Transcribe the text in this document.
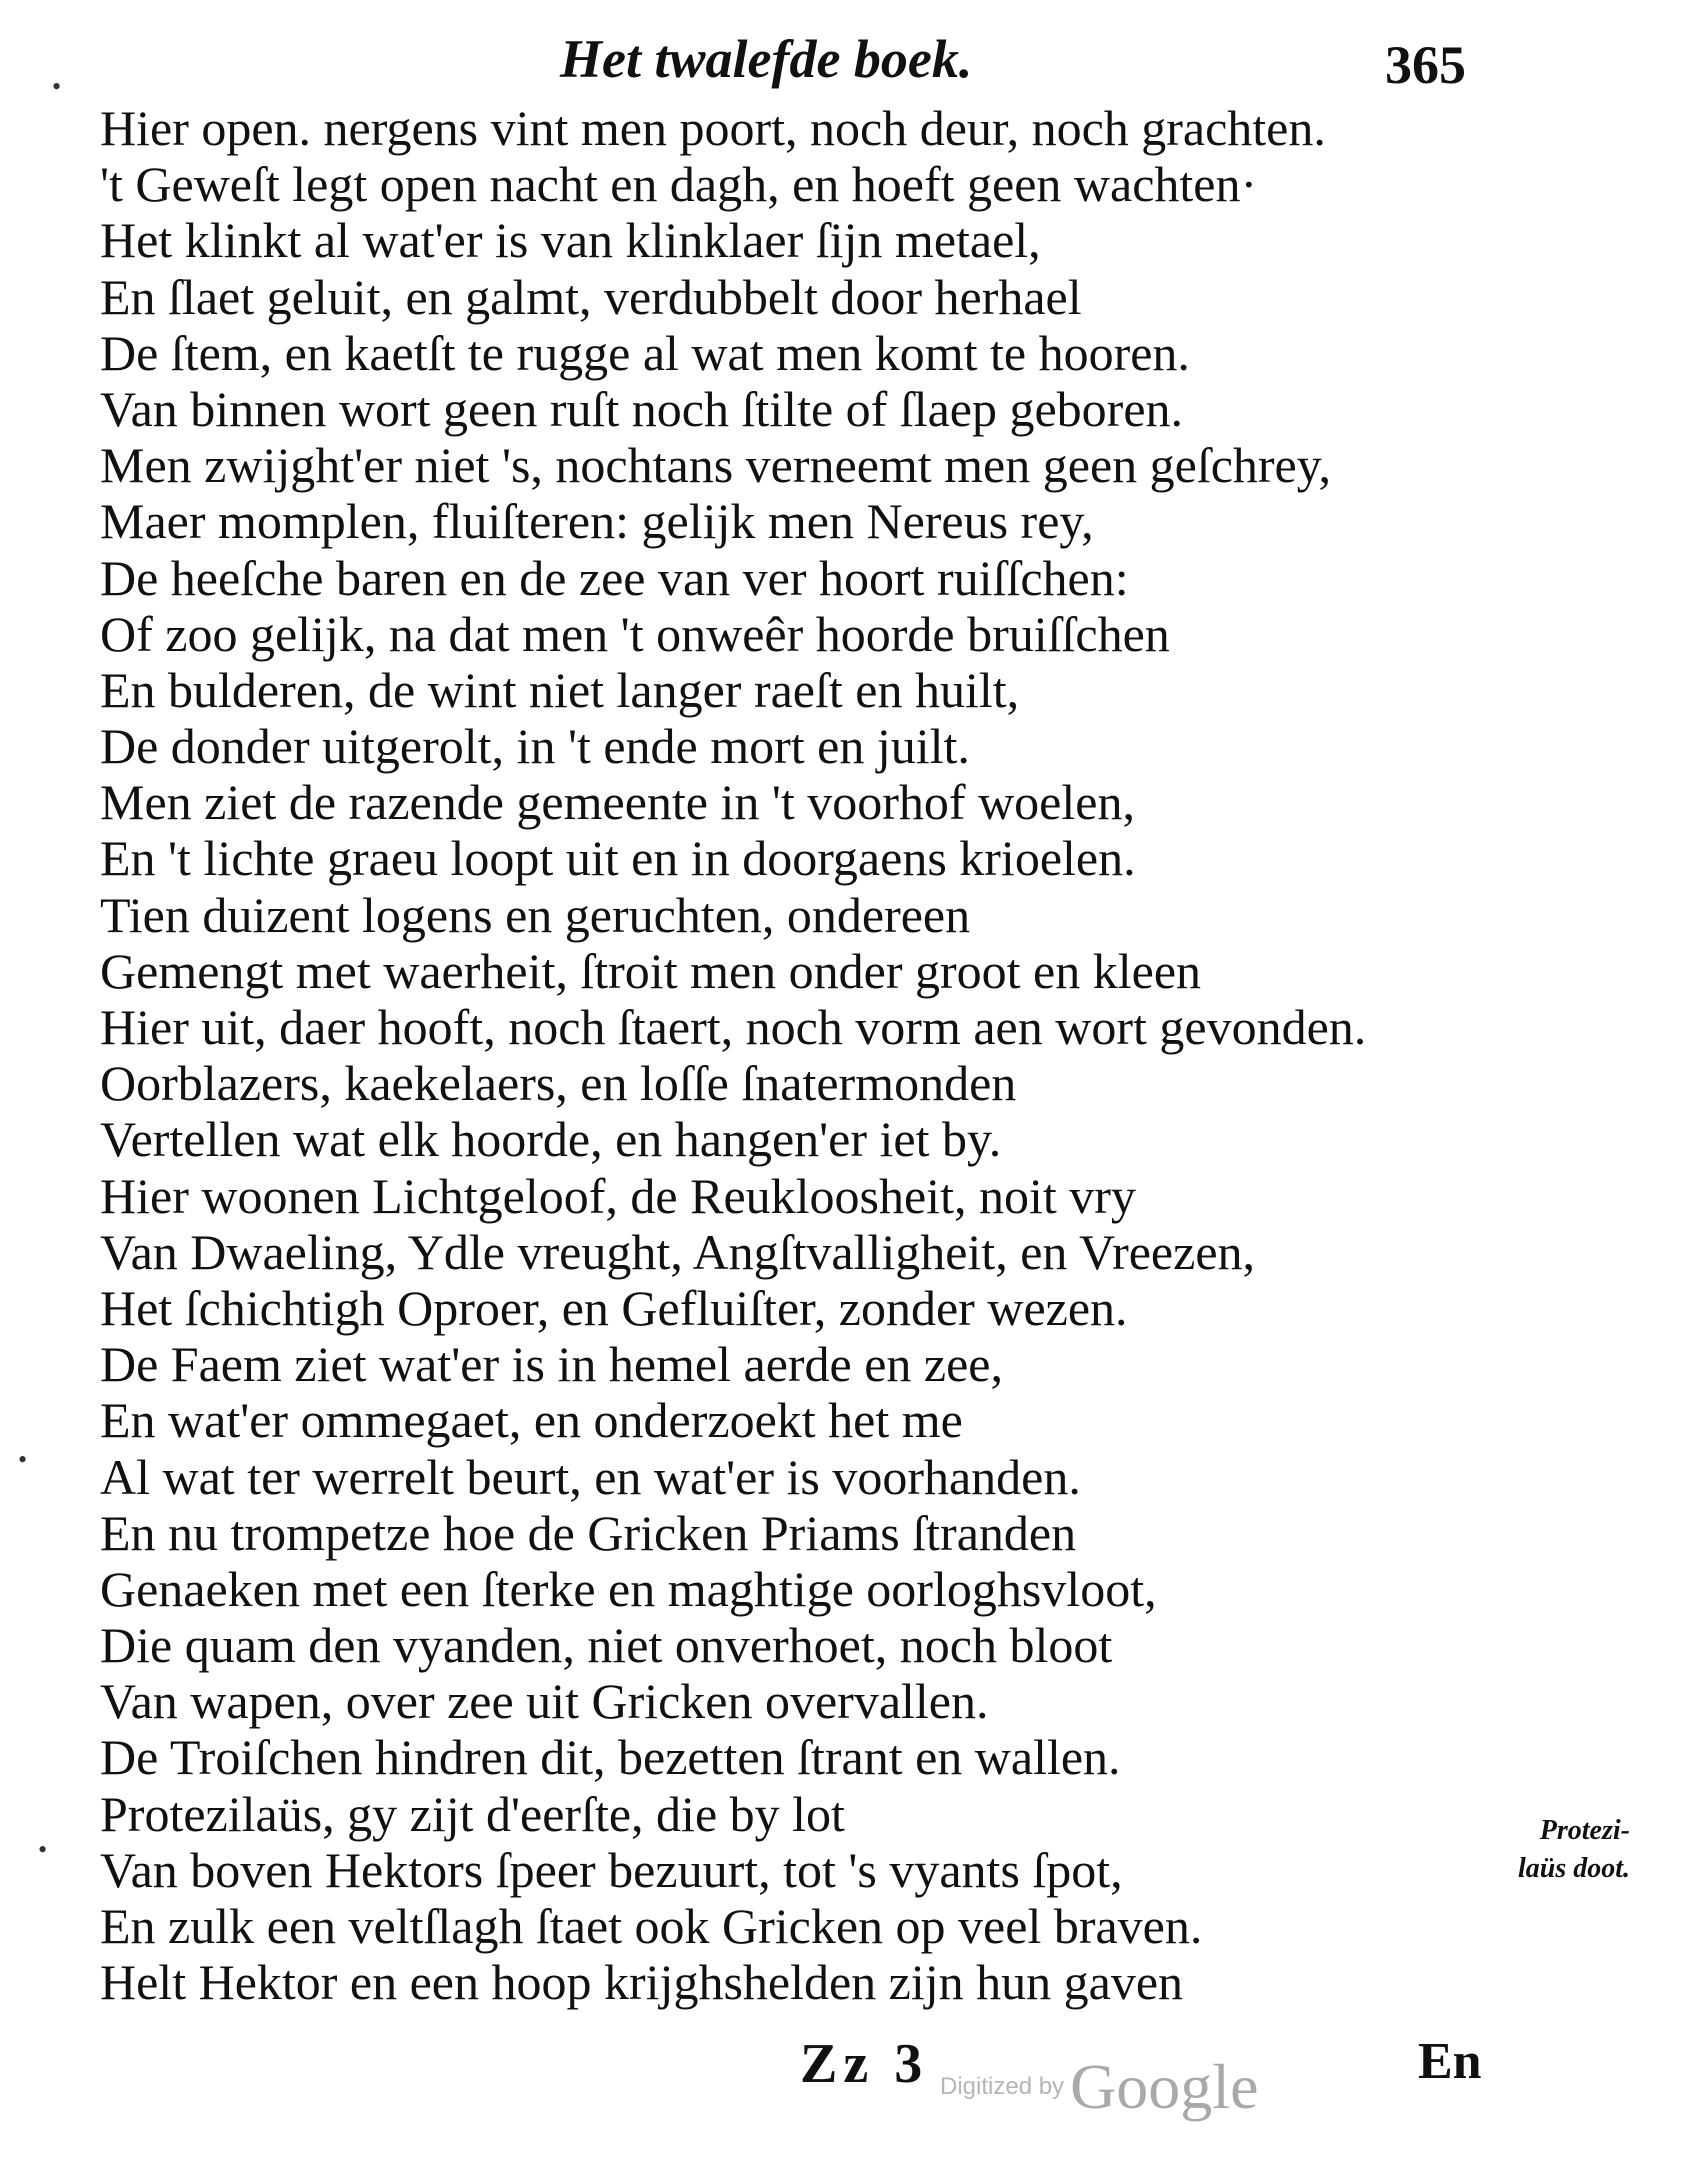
Het twalefde boek.	365
Hier open. nergens vint men poort, noch deur, noch grachten.
't Geweſt legt open nacht en dagh, en hoeft geen wachten·
Het klinkt al wat'er is van klinklaer ſijn metael,
En ſlaet geluit, en galmt, verdubbelt door herhael
De ſtem, en kaetſt te rugge al wat men komt te hooren.
Van binnen wort geen ruſt noch ſtilte of ſlaep geboren.
Men zwijght'er niet 's, nochtans verneemt men geen geſchrey,
Maer momplen, fluiſteren: gelijk men Nereus rey,
De heeſche baren en de zee van ver hoort ruiſſchen:
Of zoo gelijk, na dat men 't onweêr hoorde bruiſſchen
En bulderen, de wint niet langer raeſt en huilt,
De donder uitgerolt, in 't ende mort en juilt.
Men ziet de razende gemeente in 't voorhof woelen,
En 't lichte graeu loopt uit en in doorgaens krioelen.
Tien duizent logens en geruchten, ondereen
Gemengt met waerheit, ſtroit men onder groot en kleen
Hier uit, daer hooft, noch ſtaert, noch vorm aen wort gevonden.
Oorblazers, kaekelaers, en loſſe ſnatermonden
Vertellen wat elk hoorde, en hangen'er iet by.
Hier woonen Lichtgeloof, de Reukloosheit, noit vry
Van Dwaeling, Ydle vreught, Angſtvalligheit, en Vreezen,
Het ſchichtigh Oproer, en Gefluiſter, zonder wezen.
De Faem ziet wat'er is in hemel aerde en zee,
En wat'er ommegaet, en onderzoekt het me
Al wat ter werrelt beurt, en wat'er is voorhanden.
En nu trompetze hoe de Gricken Priams ſtranden
Genaeken met een ſterke en maghtige oorloghsvloot,
Die quam den vyanden, niet onverhoet, noch bloot
Van wapen, over zee uit Gricken overvallen.
De Troiſchen hindren dit, bezetten ſtrant en wallen.
Protezilaüs, gy zijt d'eerſte, die by lot
Van boven Hektors ſpeer bezuurt, tot 's vyants ſpot,
En zulk een veltſlagh ſtaet ook Gricken op veel braven.
Helt Hektor en een hoop krijghshelden zijn hun gaven
Protezi-
laüs doot.
Zz 3	En
Digitized byGoogle
•
•
•
